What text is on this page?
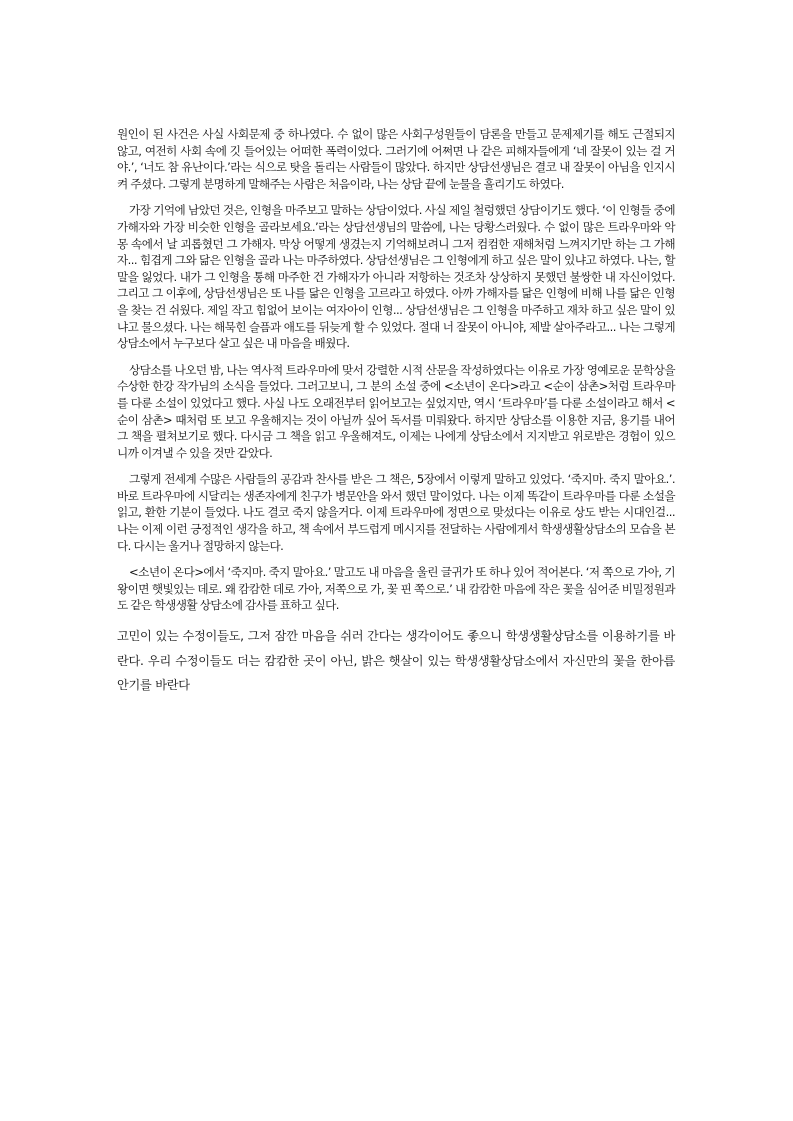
원인이 된 사건은 사실 사회문제 중 하나였다. 수 없이 많은 사회구성원들이 담론을 만들고 문제제기를 해도 근절되지 않고, 여전히 사회 속에 깃 들어있는 어떠한 폭력이었다. 그러기에 어쩌면 나 같은 피해자들에게 ‘네 잘못이 있는 걸 거야.’, ‘너도 참 유난이다.’라는 식으로 탓을 돌리는 사람들이 많았다. 하지만 상담선생님은 결코 내 잘못이 아님을 인지시켜 주셨다. 그렇게 분명하게 말해주는 사람은 처음이라, 나는 상담 끝에 눈물을 흘리기도 하였다.

가장 기억에 남았던 것은, 인형을 마주보고 말하는 상담이었다. 사실 제일 철렁했던 상담이기도 했다. ‘이 인형들 중에 가해자와 가장 비슷한 인형을 골라보세요.’라는 상담선생님의 말씀에, 나는 당황스러웠다. 수 없이 많은 트라우마와 악몽 속에서 날 괴롭혔던 그 가해자. 막상 어떻게 생겼는지 기억해보려니 그저 컴컴한 재해처럼 느껴지기만 하는 그 가해자... 힘겹게 그와 닮은 인형을 골라 나는 마주하였다. 상담선생님은 그 인형에게 하고 싶은 말이 있냐고 하였다. 나는, 할 말을 잃었다. 내가 그 인형을 통해 마주한 건 가해자가 아니라 저항하는 것조차 상상하지 못했던 불쌍한 내 자신이었다. 그리고 그 이후에, 상담선생님은 또 나를 닮은 인형을 고르라고 하였다. 아까 가해자를 닮은 인형에 비해 나를 닮은 인형을 찾는 건 쉬웠다. 제일 작고 힘없어 보이는 여자아이 인형... 상담선생님은 그 인형을 마주하고 재차 하고 싶은 말이 있냐고 물으셨다. 나는 해묵힌 슬픔과 애도를 뒤늦게 할 수 있었다. 절대 너 잘못이 아니야, 제발 살아주라고... 나는 그렇게 상담소에서 누구보다 살고 싶은 내 마음을 배웠다.

상담소를 나오던 밤, 나는 역사적 트라우마에 맞서 강렬한 시적 산문을 작성하였다는 이유로 가장 영예로운 문학상을 수상한 한강 작가님의 소식을 들었다. 그러고보니, 그 분의 소설 중에 <소년이 온다>라고 <순이 삼촌>처럼 트라우마를 다룬 소설이 있었다고 했다. 사실 나도 오래전부터 읽어보고는 싶었지만, 역시 ‘트라우마’를 다룬 소설이라고 해서 <순이 삼촌> 때처럼 또 보고 우울해지는 것이 아닐까 싶어 독서를 미뤄왔다. 하지만 상담소를 이용한 지금, 용기를 내어 그 책을 펼쳐보기로 했다. 다시금 그 책을 읽고 우울해져도, 이제는 나에게 상담소에서 지지받고 위로받은 경험이 있으니까 이겨낼 수 있을 것만 같았다.

그렇게 전세계 수많은 사람들의 공감과 찬사를 받은 그 책은, 5장에서 이렇게 말하고 있었다. ‘죽지마. 죽지 말아요.’. 바로 트라우마에 시달리는 생존자에게 친구가 병문안을 와서 했던 말이었다. 나는 이제 똑같이 트라우마를 다룬 소설을 읽고, 환한 기분이 들었다. 나도 결코 죽지 않을거다. 이제 트라우마에 정면으로 맞섰다는 이유로 상도 받는 시대인걸... 나는 이제 이런 긍정적인 생각을 하고, 책 속에서 부드럽게 메시지를 전달하는 사람에게서 학생생활상담소의 모습을 본다. 다시는 울거나 절망하지 않는다.

<소년이 온다>에서 ‘죽지마. 죽지 말아요.’ 말고도 내 마음을 울린 글귀가 또 하나 있어 적어본다. ‘저 쪽으로 가아, 기왕이면 햇빛있는 데로. 왜 캄캄한 데로 가아, 저쪽으로 가, 꽃 핀 쪽으로.’ 내 캄캄한 마음에 작은 꽃을 심어준 비밀정원과도 같은 학생생활 상담소에 감사를 표하고 싶다.

고민이 있는 수정이들도, 그저 잠깐 마음을 쉬러 간다는 생각이어도 좋으니 학생생활상담소를 이용하기를 바란다. 우리 수정이들도 더는 캄캄한 곳이 아닌, 밝은 햇살이 있는 학생생활상담소에서 자신만의 꽃을 한아름 안기를 바란다
